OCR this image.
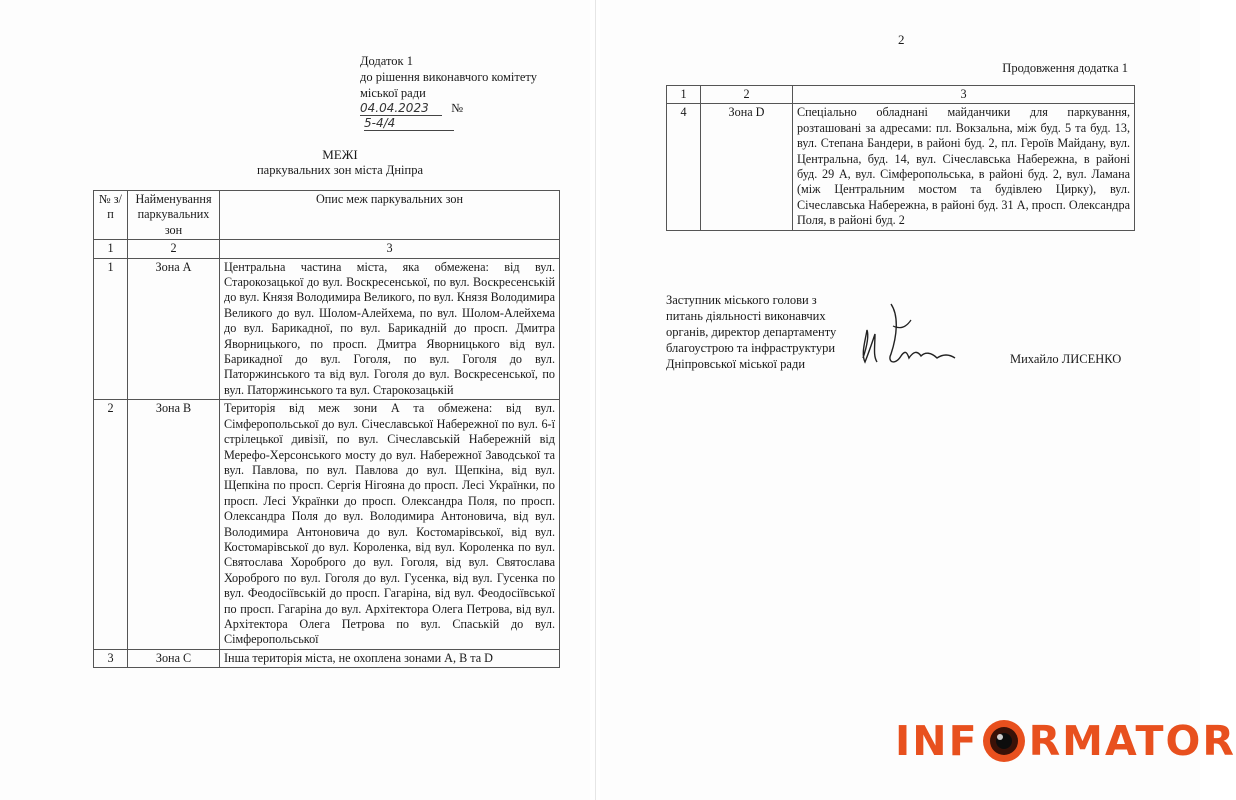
Додаток 1
до рішення виконавчого комітету
міської ради
04.04.2023 № 5-4/4
МЕЖІ
паркувальних зон міста Дніпра
№ з/п	Найменування паркувальних зон	Опис меж паркувальних зон
1	2	3
1	Зона А	Центральна частина міста, яка обмежена: від вул. Старокозацької до вул. Воскресенської, по вул. Воскресенській до вул. Князя Володимира Великого, по вул. Князя Володимира Великого до вул. Шолом-Алейхема, по вул. Шолом-Алейхема до вул. Барикадної, по вул. Барикадній до просп. Дмитра Яворницького, по просп. Дмитра Яворницького від вул. Барикадної до вул. Гоголя, по вул. Гоголя до вул. Паторжинського та від вул. Гоголя до вул. Воскресенської, по вул. Паторжинського та вул. Старокозацькій
2	Зона В	Територія від меж зони А та обмежена: від вул. Сімферопольської до вул. Січеславської Набережної по вул. 6-ї стрілецької дивізії, по вул. Січеславській Набережній від Мерефо-Херсонського мосту до вул. Набережної Заводської та вул. Павлова, по вул. Павлова до вул. Щепкіна, від вул. Щепкіна по просп. Сергія Нігояна до просп. Лесі Українки, по просп. Лесі Українки до просп. Олександра Поля, по просп. Олександра Поля до вул. Володимира Антоновича, від вул. Володимира Антоновича до вул. Костомарівської, від вул. Костомарівської до вул. Короленка, від вул. Короленка по вул. Святослава Хороброго до вул. Гоголя, від вул. Святослава Хороброго по вул. Гоголя до вул. Гусенка, від вул. Гусенка по вул. Феодосіївській до просп. Гагаріна, від вул. Феодосіївської по просп. Гагаріна до вул. Архітектора Олега Петрова, від вул. Архітектора Олега Петрова по вул. Спаській до вул. Сімферопольської
3	Зона С	Інша територія міста, не охоплена зонами А, В та D
2
Продовження додатка 1
1	2	3
4	Зона D	Спеціально обладнані майданчики для паркування, розташовані за адресами: пл. Вокзальна, між буд. 5 та буд. 13, вул. Степана Бандери, в районі буд. 2, пл. Героїв Майдану, вул. Центральна, буд. 14, вул. Січеславська Набережна, в районі буд. 29 А, вул. Сімферопольська, в районі буд. 2, вул. Ламана (між Центральним мостом та будівлею Цирку), вул. Січеславська Набережна, в районі буд. 31 А, просп. Олександра Поля, в районі буд. 2
Заступник міського голови з
питань діяльності виконавчих
органів, директор департаменту
благоустрою та інфраструктури
Дніпровської міської ради	Михайло ЛИСЕНКО
INF RMATOR
